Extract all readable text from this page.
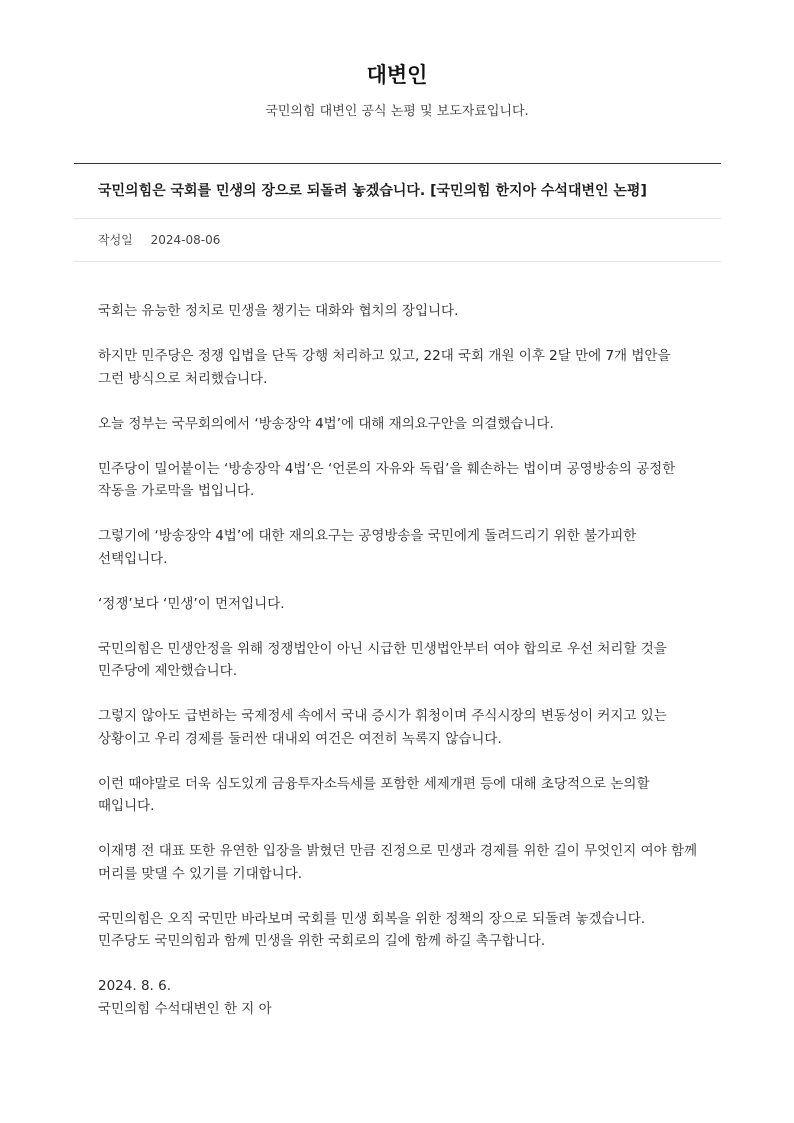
대변인
국민의힘 대변인 공식 논평 및 보도자료입니다.
국민의힘은 국회를 민생의 장으로 되돌려 놓겠습니다. [국민의힘 한지아 수석대변인 논평]
작성일 2024-08-06

국회는 유능한 정치로 민생을 챙기는 대화와 협치의 장입니다.

하지만 민주당은 정쟁 입법을 단독 강행 처리하고 있고, 22대 국회 개원 이후 2달 만에 7개 법안을 그런 방식으로 처리했습니다.

오늘 정부는 국무회의에서 ‘방송장악 4법’에 대해 재의요구안을 의결했습니다.

민주당이 밀어붙이는 ‘방송장악 4법’은 ‘언론의 자유와 독립’을 훼손하는 법이며 공영방송의 공정한 작동을 가로막을 법입니다.

그렇기에 ‘방송장악 4법’에 대한 재의요구는 공영방송을 국민에게 돌려드리기 위한 불가피한 선택입니다.

‘정쟁’보다 ‘민생’이 먼저입니다.

국민의힘은 민생안정을 위해 정쟁법안이 아닌 시급한 민생법안부터 여야 합의로 우선 처리할 것을 민주당에 제안했습니다.

그렇지 않아도 급변하는 국제정세 속에서 국내 증시가 휘청이며 주식시장의 변동성이 커지고 있는 상황이고 우리 경제를 둘러싼 대내외 여건은 여전히 녹록지 않습니다.

이런 때야말로 더욱 심도있게 금융투자소득세를 포함한 세제개편 등에 대해 초당적으로 논의할 때입니다.

이재명 전 대표 또한 유연한 입장을 밝혔던 만큼 진정으로 민생과 경제를 위한 길이 무엇인지 여야 함께 머리를 맞댈 수 있기를 기대합니다.

국민의힘은 오직 국민만 바라보며 국회를 민생 회복을 위한 정책의 장으로 되돌려 놓겠습니다. 민주당도 국민의힘과 함께 민생을 위한 국회로의 길에 함께 하길 촉구합니다.

2024. 8. 6.

국민의힘 수석대변인 한 지 아
